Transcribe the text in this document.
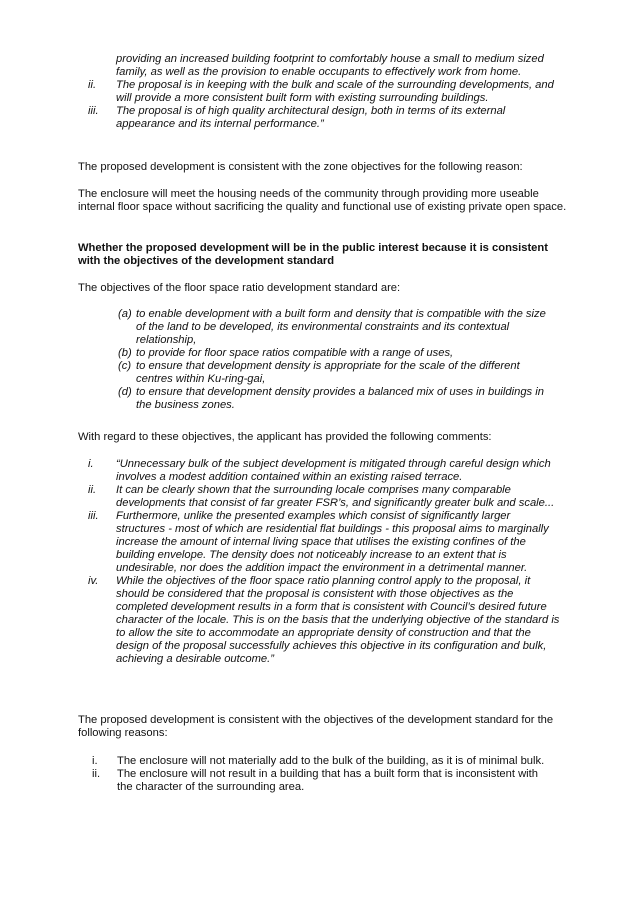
providing an increased building footprint to comfortably house a small to medium sized family, as well as the provision to enable occupants to effectively work from home.
ii. The proposal is in keeping with the bulk and scale of the surrounding developments, and will provide a more consistent built form with existing surrounding buildings.
iii. The proposal is of high quality architectural design, both in terms of its external appearance and its internal performance.”

The proposed development is consistent with the zone objectives for the following reason:

The enclosure will meet the housing needs of the community through providing more useable internal floor space without sacrificing the quality and functional use of existing private open space.

Whether the proposed development will be in the public interest because it is consistent with the objectives of the development standard

The objectives of the floor space ratio development standard are:

(a) to enable development with a built form and density that is compatible with the size of the land to be developed, its environmental constraints and its contextual relationship,
(b) to provide for floor space ratios compatible with a range of uses,
(c) to ensure that development density is appropriate for the scale of the different centres within Ku-ring-gai,
(d) to ensure that development density provides a balanced mix of uses in buildings in the business zones.

With regard to these objectives, the applicant has provided the following comments:

i. “Unnecessary bulk of the subject development is mitigated through careful design which involves a modest addition contained within an existing raised terrace.
ii. It can be clearly shown that the surrounding locale comprises many comparable developments that consist of far greater FSR’s, and significantly greater bulk and scale...
iii. Furthermore, unlike the presented examples which consist of significantly larger structures - most of which are residential flat buildings - this proposal aims to marginally increase the amount of internal living space that utilises the existing confines of the building envelope. The density does not noticeably increase to an extent that is undesirable, nor does the addition impact the environment in a detrimental manner.
iv. While the objectives of the floor space ratio planning control apply to the proposal, it should be considered that the proposal is consistent with those objectives as the completed development results in a form that is consistent with Council’s desired future character of the locale. This is on the basis that the underlying objective of the standard is to allow the site to accommodate an appropriate density of construction and that the design of the proposal successfully achieves this objective in its configuration and bulk, achieving a desirable outcome.”

The proposed development is consistent with the objectives of the development standard for the following reasons:

i. The enclosure will not materially add to the bulk of the building, as it is of minimal bulk.
ii. The enclosure will not result in a building that has a built form that is inconsistent with the character of the surrounding area.
